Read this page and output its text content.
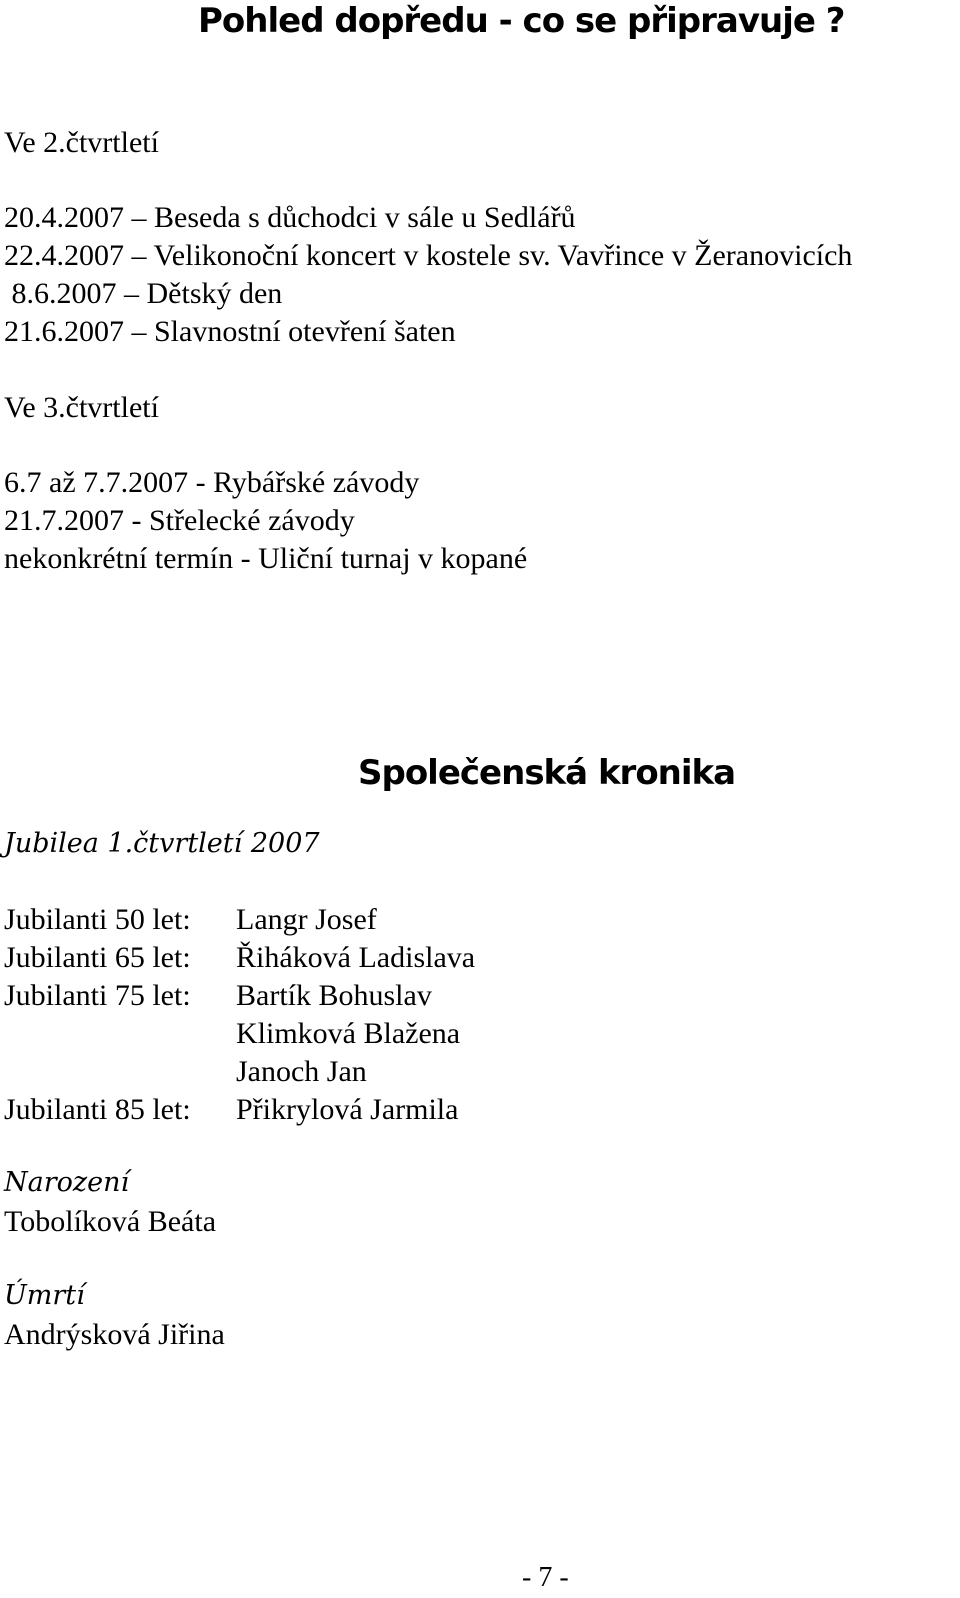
Pohled dopředu - co se připravuje ?
Ve 2.čtvrtletí
20.4.2007 – Beseda s důchodci v sále u Sedlářů
22.4.2007 – Velikonoční koncert v kostele sv. Vavřince v Žeranovicích
8.6.2007 – Dětský den
21.6.2007 – Slavnostní otevření šaten
Ve 3.čtvrtletí
6.7 až 7.7.2007 - Rybářské závody
21.7.2007 - Střelecké závody
nekonkrétní termín - Uliční turnaj v kopané
Společenská kronika
Jubilea 1.čtvrtletí 2007
Jubilanti 50 let: Langr Josef
Jubilanti 65 let: Řiháková Ladislava
Jubilanti 75 let: Bartík Bohuslav
Klimková Blažena
Janoch Jan
Jubilanti 85 let: Přikrylová Jarmila
Narození
Tobolíková Beáta
Úmrtí
Andrýsková Jiřina
- 7 -
